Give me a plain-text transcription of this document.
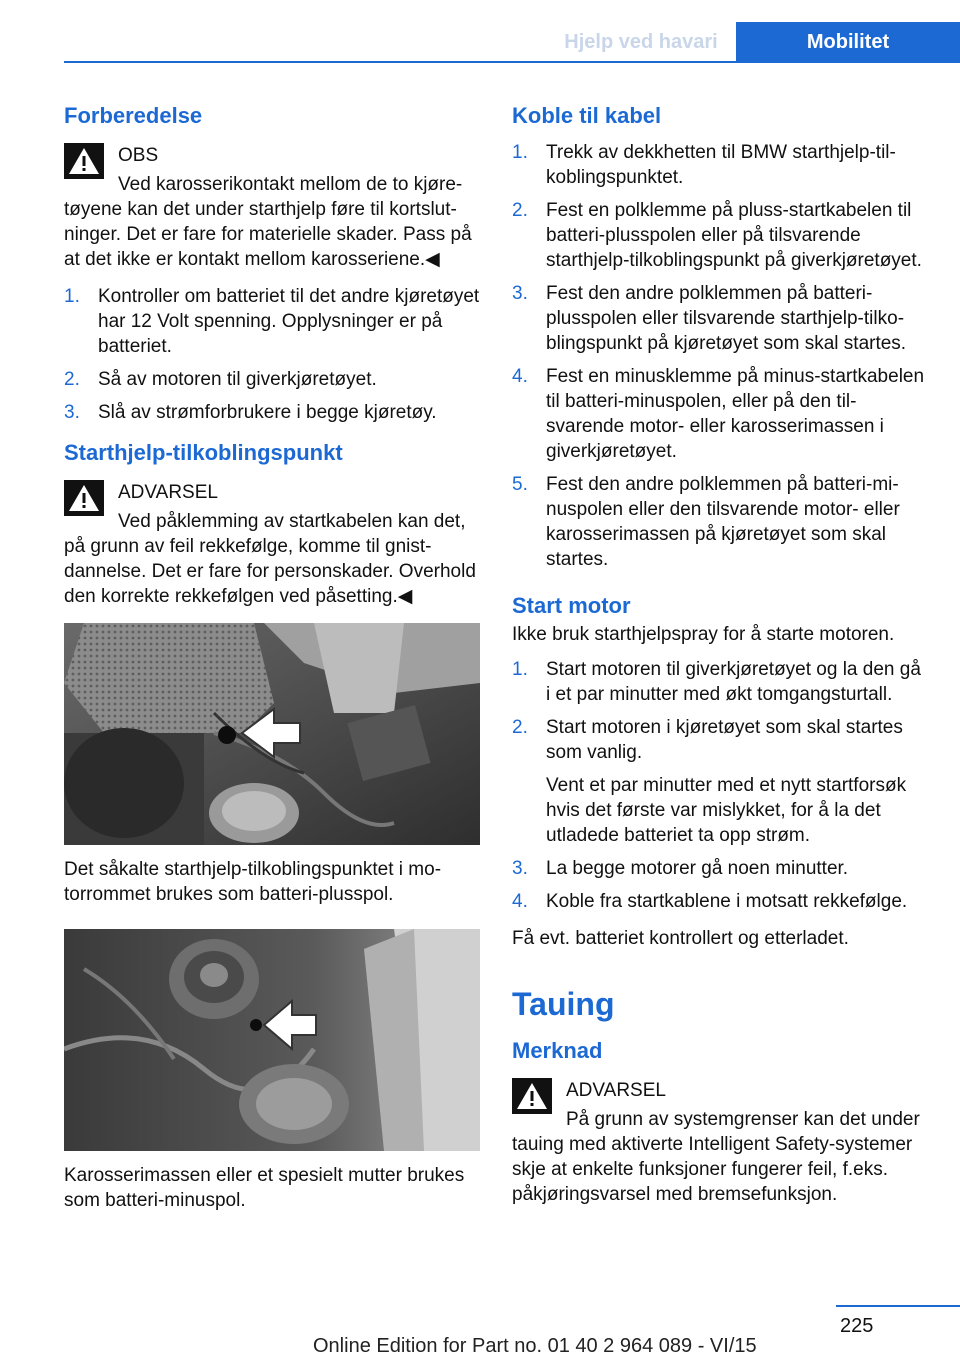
Hjelp ved havari	Mobilitet
Forberedelse
OBS
Ved karosserikontakt mellom de to kjøretøyene kan det under starthjelp føre til kortslutninger. Det er fare for materielle skader. Pass på at det ikke er kontakt mellom karosseriene.◀
1. Kontroller om batteriet til det andre kjøretøyet har 12 Volt spenning. Opplysninger er på batteriet.
2. Så av motoren til giverkjøretøyet.
3. Slå av strømforbrukere i begge kjøretøy.
Starthjelp-tilkoblingspunkt
ADVARSEL
Ved påklemming av startkabelen kan det, på grunn av feil rekkefølge, komme til gnistdannelse. Det er fare for personskader. Overhold den korrekte rekkefølgen ved påsetting.◀

Det såkalte starthjelp-tilkoblingspunktet i motorrommet brukes som batteri-plusspol.

Karosserimassen eller et spesielt mutter brukes som batteri-minuspol.

Koble til kabel
1. Trekk av dekkhetten til BMW starthjelp-tilkoblingspunktet.
2. Fest en polklemme på pluss-startkabelen til batteri-plusspolen eller på tilsvarende starthjelp-tilkoblingspunkt på giverkjøretøyet.
3. Fest den andre polklemmen på batteriplusspolen eller tilsvarende starthjelp-tilkoblingspunkt på kjøretøyet som skal startes.
4. Fest en minusklemme på minus-startkabelen til batteri-minuspolen, eller på den tilsvarende motor- eller karosserimassen i giverkjøretøyet.
5. Fest den andre polklemmen på batteri-minuspolen eller den tilsvarende motor- eller karosserimassen på kjøretøyet som skal startes.
Start motor

Ikke bruk starthjelpspray for å starte motoren.

1. Start motoren til giverkjøretøyet og la den gå i et par minutter med økt tomgangsturtall.
2. Start motoren i kjøretøyet som skal startes som vanlig.
Vent et par minutter med et nytt startforsøk hvis det første var mislykket, for å la det utladede batteriet ta opp strøm.
3. La begge motorer gå noen minutter.
4. Koble fra startkablene i motsatt rekkefølge.

Få evt. batteriet kontrollert og etterladet.

Tauing
Merknad
ADVARSEL
På grunn av systemgrenser kan det under tauing med aktiverte Intelligent Safety-systemer skje at enkelte funksjoner fungerer feil, f.eks. påkjøringsvarsel med bremsefunksjon.
225
Online Edition for Part no. 01 40 2 964 089 - VI/15
